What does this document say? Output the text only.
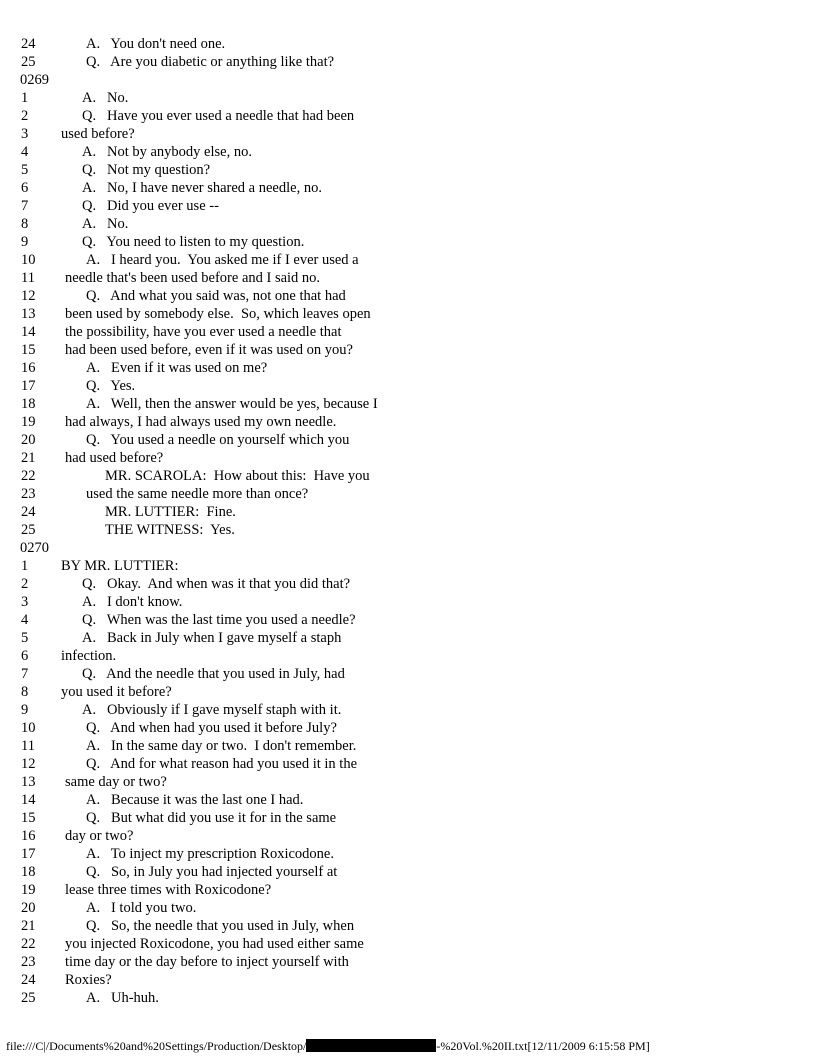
24	A.   You don't need one.
25	Q.   Are you diabetic or anything like that?
0269
1	A.   No.
2	Q.   Have you ever used a needle that had been
3	used before?
4	A.   Not by anybody else, no.
5	Q.   Not my question?
6	A.   No, I have never shared a needle, no.
7	Q.   Did you ever use --
8	A.   No.
9	Q.   You need to listen to my question.
10	A.   I heard you.  You asked me if I ever used a
11	needle that's been used before and I said no.
12	Q.   And what you said was, not one that had
13	been used by somebody else.  So, which leaves open
14	the possibility, have you ever used a needle that
15	had been used before, even if it was used on you?
16	A.   Even if it was used on me?
17	Q.   Yes.
18	A.   Well, then the answer would be yes, because I
19	had always, I had always used my own needle.
20	Q.   You used a needle on yourself which you
21	had used before?
22	MR. SCAROLA:  How about this:  Have you
23	used the same needle more than once?
24	MR. LUTTIER:  Fine.
25	THE WITNESS:  Yes.
0270
1	BY MR. LUTTIER:
2	Q.   Okay.  And when was it that you did that?
3	A.   I don't know.
4	Q.   When was the last time you used a needle?
5	A.   Back in July when I gave myself a staph
6	infection.
7	Q.   And the needle that you used in July, had
8	you used it before?
9	A.   Obviously if I gave myself staph with it.
10	Q.   And when had you used it before July?
11	A.   In the same day or two.  I don't remember.
12	Q.   And for what reason had you used it in the
13	same day or two?
14	A.   Because it was the last one I had.
15	Q.   But what did you use it for in the same
16	day or two?
17	A.   To inject my prescription Roxicodone.
18	Q.   So, in July you had injected yourself at
19	lease three times with Roxicodone?
20	A.   I told you two.
21	Q.   So, the needle that you used in July, when
22	you injected Roxicodone, you had used either same
23	time day or the day before to inject yourself with
24	Roxies?
25	A.   Uh-huh.
file:///C|/Documents%20and%20Settings/Production/Desktop/	-%20Vol.%20II.txt[12/11/2009 6:15:58 PM]
